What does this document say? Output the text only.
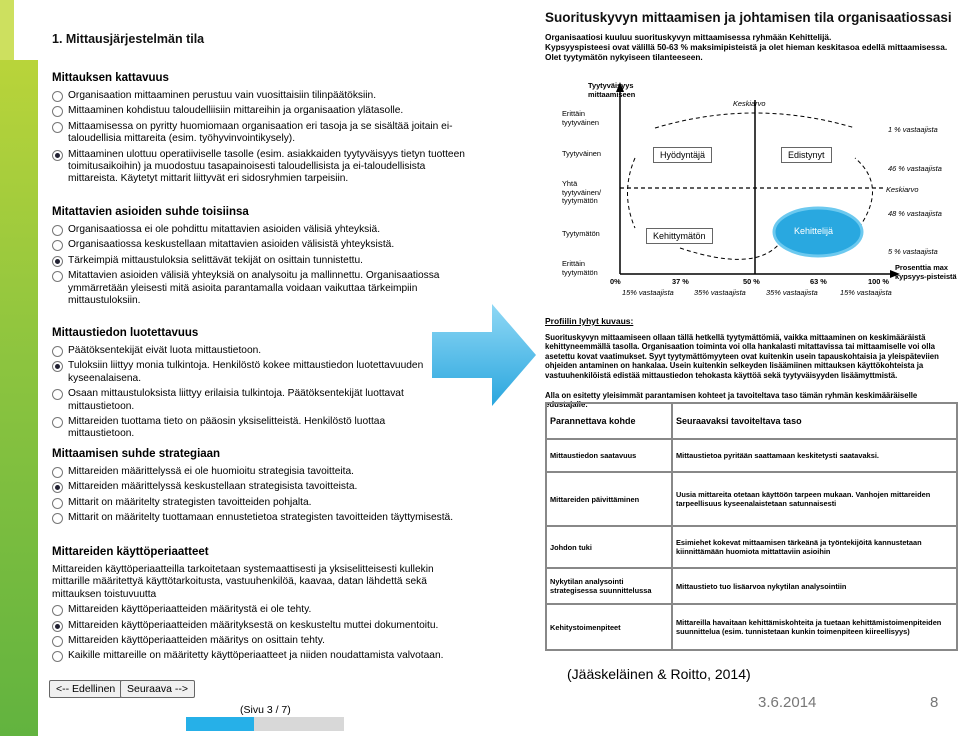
1. Mittausjärjestelmän tila
Mittauksen kattavuus
Organisaation mittaaminen perustuu vain vuosittaisiin tilinpäätöksiin.
Mittaaminen kohdistuu taloudelliisiin mittareihin ja organisaation ylätasolle.
Mittaamisessa on pyritty huomiomaan organisaation eri tasoja ja se sisältää joitain ei-taloudellisia mittareita (esim. työhyvinvointikysely).
Mittaaminen ulottuu operatiiviselle tasolle (esim. asiakkaiden tyytyväisyys tietyn tuotteen toimitusaikoihin) ja muodostuu tasapainoisesti taloudellisista ja ei-taloudellisista mittareista. Käytetyt mittarit liittyvät eri sidosryhmien tarpeisiin.
Mitattavien asioiden suhde toisiinsa
Organisaatiossa ei ole pohdittu mitattavien asioiden välisiä yhteyksiä.
Organisaatiossa keskustellaan mitattavien asioiden välisistä yhteyksistä.
Tärkeimpiä mittaustuloksia selittävät tekijät on osittain tunnistettu.
Mitattavien asioiden välisiä yhteyksiä on analysoitu ja mallinnettu. Organisaatiossa ymmärretään yleisesti mitä asioita parantamalla voidaan vaikuttaa tärkeimpiin mittaustuloksiin.
Mittaustiedon luotettavuus
Päätöksentekijät eivät luota mittaustietoon.
Tuloksiin liittyy monia tulkintoja. Henkilöstö kokee mittaustiedon luotettavuuden kyseenalaisena.
Osaan mittaustuloksista liittyy erilaisia tulkintoja. Päätöksentekijät luottavat mittaustietoon.
Mittareiden tuottama tieto on pääosin yksiselitteistä. Henkilöstö luottaa mittaustietoon.
Mittaamisen suhde strategiaan
Mittareiden määrittelyssä ei ole huomioitu strategisia tavoitteita.
Mittareiden määrittelyssä keskustellaan strategisista tavoitteista.
Mittarit on määritelty strategisten tavoitteiden pohjalta.
Mittarit on määritelty tuottamaan ennustetietoa strategisten tavoitteiden täyttymisestä.
Mittareiden käyttöperiaatteet
Mittareiden käyttöperiaatteilla tarkoitetaan systemaattisesti ja yksiselitteisesti kullekin mittarille määritettyä käyttötarkoitusta, vastuuhenkilöä, kaavaa, datan lähdettä sekä mittauksen toistuvuutta
Mittareiden käyttöperiaatteiden määritystä ei ole tehty.
Mittareiden käyttöperiaatteiden määrityksestä on keskusteltu muttei dokumentoitu.
Mittareiden käyttöperiaatteiden määritys on osittain tehty.
Kaikille mittareille on määritetty käyttöperiaatteet ja niiden noudattamista valvotaan.
<-- Edellinen	Seuraava -->
(Sivu 3 / 7)
Suorituskyvyn mittaamisen ja johtamisen tila organisaatiossasi
Organisaatiosi kuuluu suorituskyvyn mittaamisessa ryhmään Kehittelijä.
Kypsyyspisteesi ovat välillä 50-63 % maksimipisteistä ja olet hieman keskitasoa edellä mittaamisessa. Olet tyytymätön nykyiseen tilanteeseen.
Tyytyväisyys mittaamiseen
Erittäin tyytyväinen
Tyytyväinen
Yhtä tyytyväinen/ tyytymätön
Tyytymätön
Erittäin tyytymätön
Keskiarvo
Keskiarvo
1 % vastaajista
46 % vastaajista
48 % vastaajista
5 % vastaajista
Hyödyntäjä	Edistynyt
Kehittymätön	Kehittelijä
0%	37 %	50 %	63 %	100 %
Prosenttia max kypsyys-pisteistä
15% vastaajista	35% vastaajista	35% vastaajista	15% vastaajista
Profiilin lyhyt kuvaus:
Suorituskyvyn mittaamiseen ollaan tällä hetkellä tyytymättömiä, vaikka mittaaminen on keskimääräistä kehittyneemmällä tasolla. Organisaation toiminta voi olla hankalasti mitattavissa tai mittaamiselle voi olla asetettu kovat vaatimukset. Syyt tyytymättömyyteen ovat kuitenkin usein tapauskohtaisia ja yleispäteviien ohjeiden antaminen on hankalaa. Usein kuitenkin selkeyden lisäämiinen mittauksen käyttökohteista ja vastuuhenkilöistä edistää mittaustiedon tehokasta käyttöä sekä tyytyväisyyden lisäämyttmistä.
Alla on esitetty yleisimmät parantamisen kohteet ja tavoiteltava taso tämän ryhmän keskimääräiselle edustajalle:
Parannettava kohde	Seuraavaksi tavoiteltava taso
Mittaustiedon saatavuus	Mittaustietoa pyritään saattamaan keskitetysti saatavaksi.
Mittareiden päivittäminen	Uusia mittareita otetaan käyttöön tarpeen mukaan. Vanhojen mittareiden tarpeellisuus kyseenalaistetaan satunnaisesti
Johdon tuki	Esimiehet kokevat mittaamisen tärkeänä ja työntekijöitä kannustetaan kiinnittämään huomiota mittattaviin asioihin
Nykytilan analysointi strategisessa suunnittelussa	Mittaustieto tuo lisäarvoa nykytilan analysointiin
Kehitystoimenpiteet	Mittareilla havaitaan kehittämiskohteita ja tuetaan kehittämistoimenpiteiden suunnittelua (esim. tunnistetaan kunkin toimenpiteen kiireellisyys)
(Jääskeläinen & Roitto, 2014)
3.6.2014	8
